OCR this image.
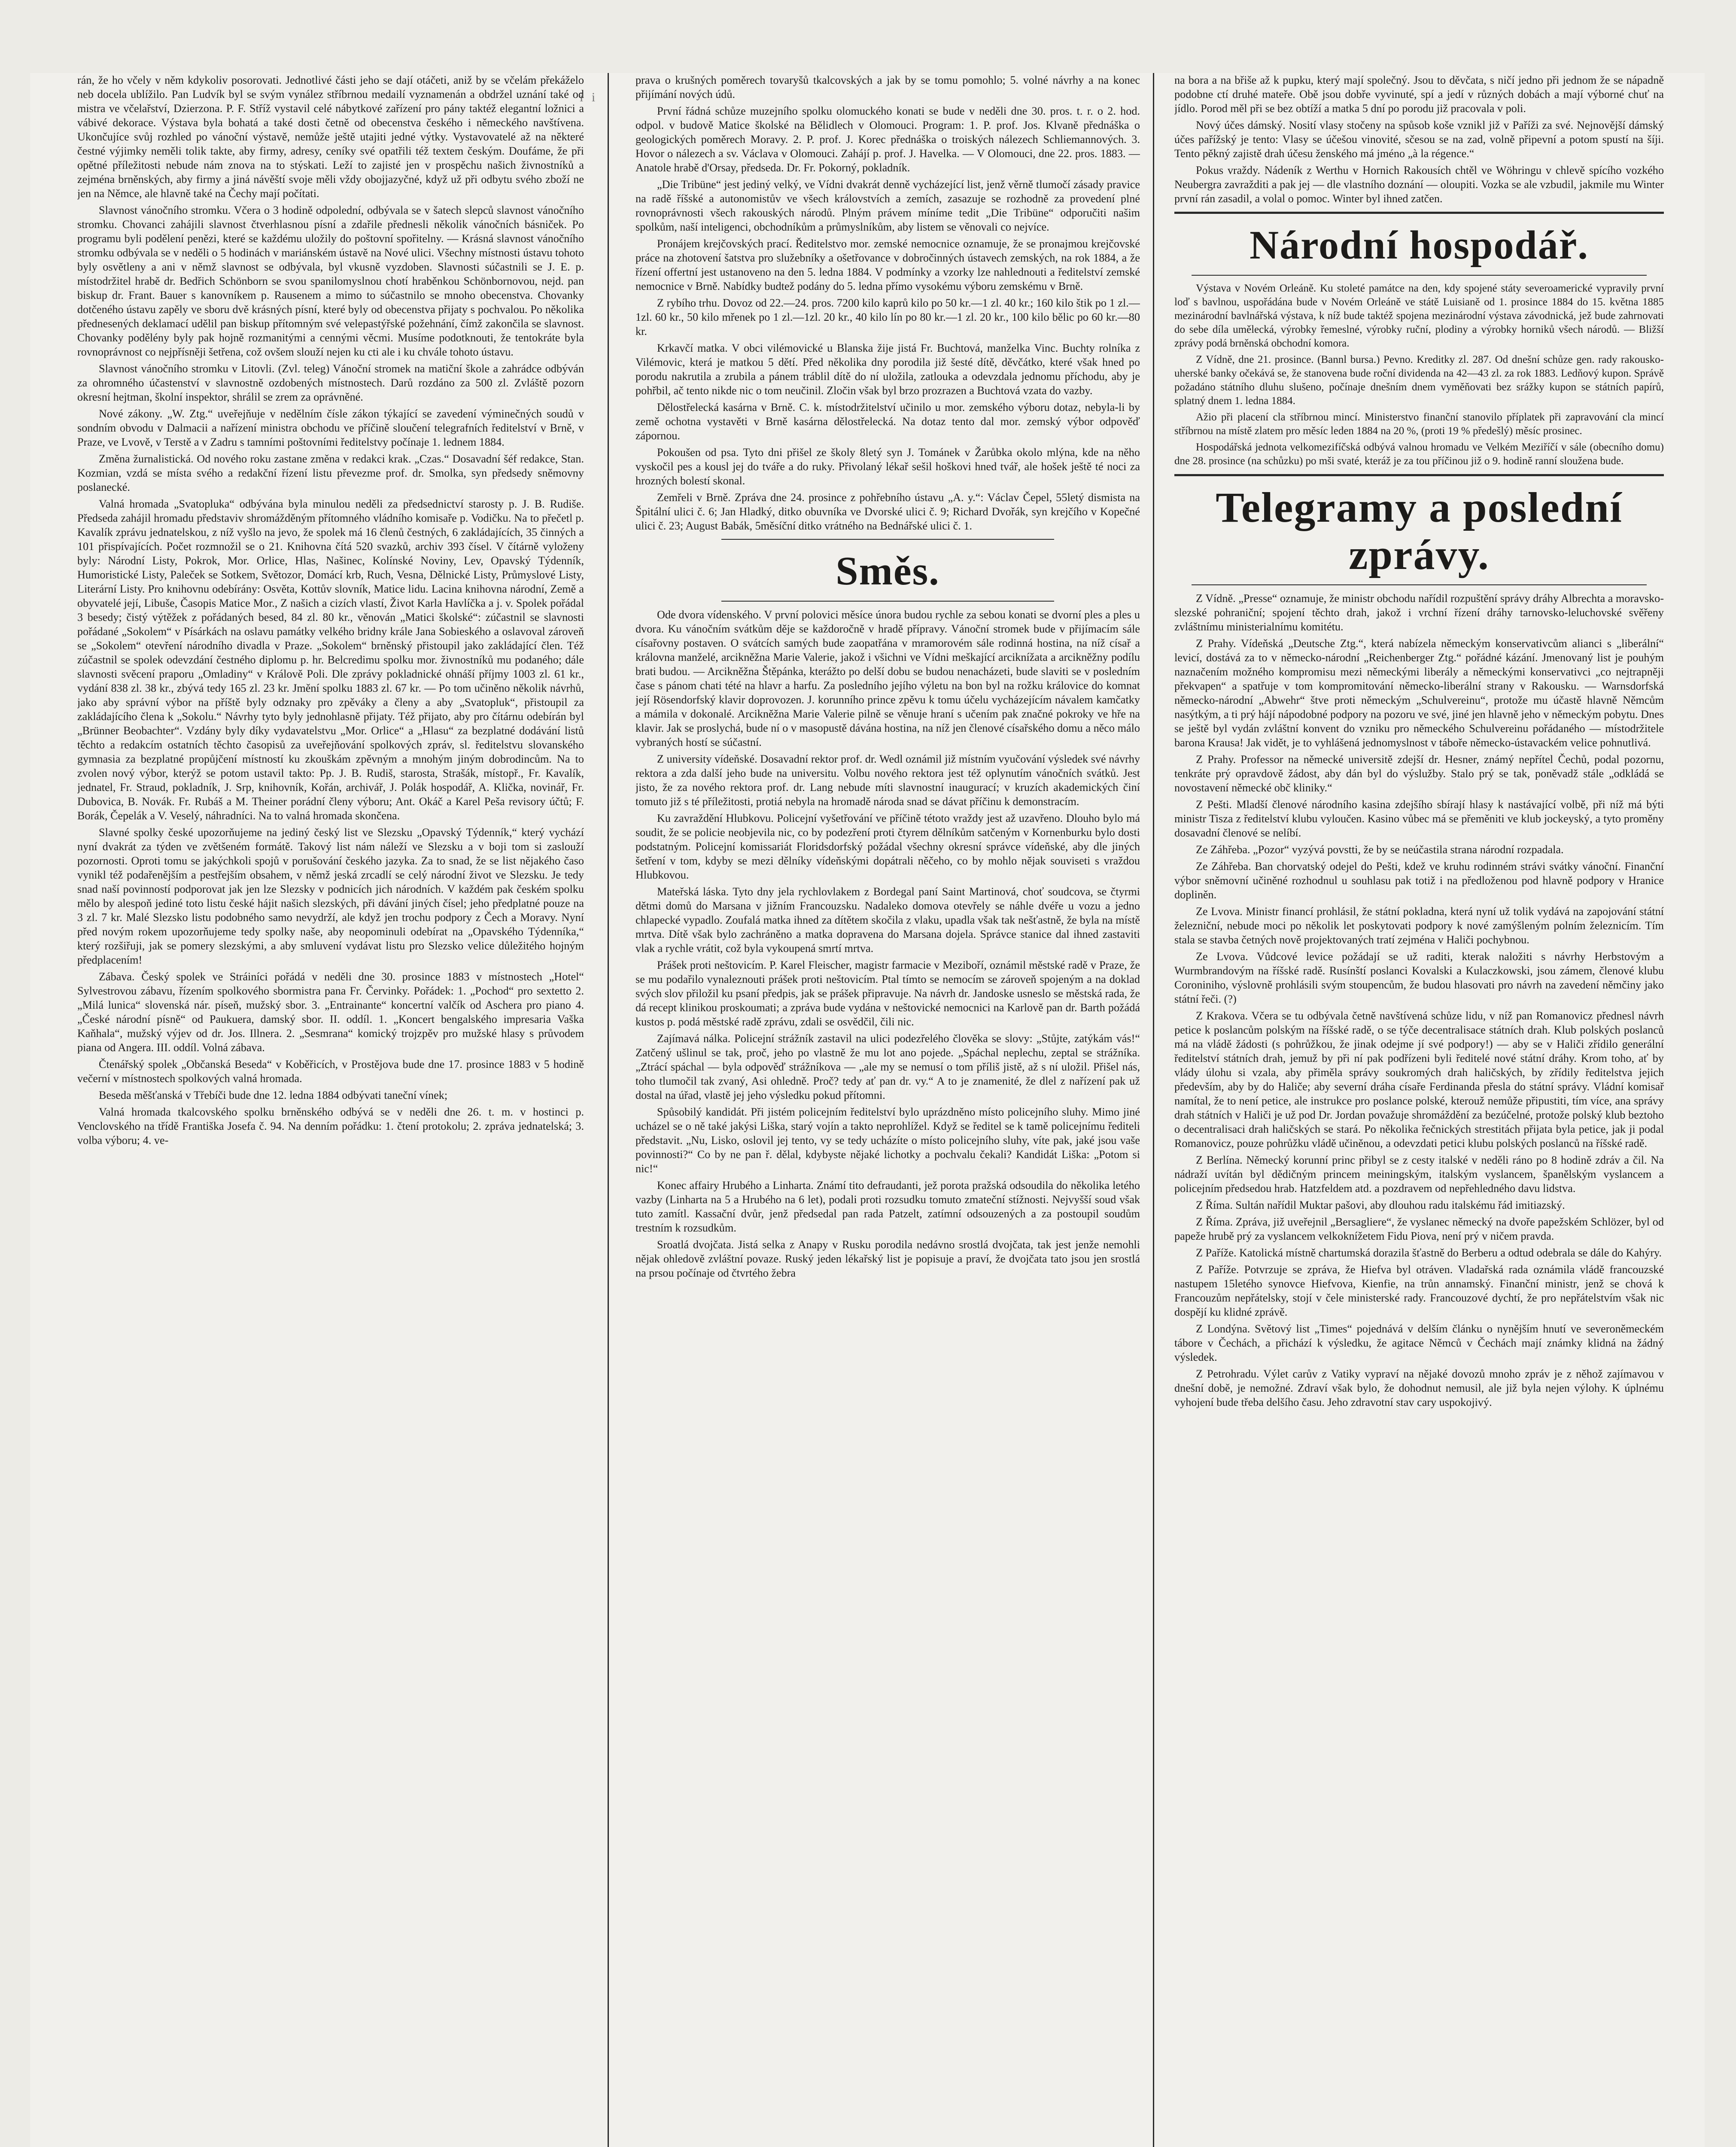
i i

rán, že ho včely v něm kdykoliv posorovati. Jednotlivé části jeho se dají otáčeti, aniž by se včelám překáželo neb docela ublížilo. Pan Ludvík byl se svým vynález stříbrnou medailí vyznamenán a obdržel uznání také od mistra ve včelařství, Dzierzona. P. F. Stříž vystavil celé nábytkové zařízení pro pány taktéž elegantní ložnici a vábivé dekorace. Výstava byla bohatá a také dosti četně od obecenstva českého i německého navštívena. Ukončujíce svůj rozhled po vánoční výstavě, nemůže ještě utajiti jedné výtky. Vystavovatelé až na některé čestné výjimky neměli tolik takte, aby firmy, adresy, ceníky své opatřili též textem českým. Doufáme, že při opětné příležitosti nebude nám znova na to stýskati. Leží to zajisté jen v prospěchu našich živnostníků a zejména brněnských, aby firmy a jiná návěští svoje měli vždy obojjazyčné, když už při odbytu svého zboží ne jen na Němce, ale hlavně také na Čechy mají počítati.

Slavnost vánočního stromku. Včera o 3 hodině odpolední, odbývala se v šatech slepců slavnost vánočního stromku. Chovanci zahájili slavnost čtverhlasnou písní a zdařile přednesli několik vánočních básniček. Po programu byli podělení penězi, které se každému uložily do poštovní spořitelny. — Krásná slavnost vánočního stromku odbývala se v neděli o 5 hodinách v mariánském ústavě na Nové ulici. Všechny místnosti ústavu tohoto byly osvětleny a ani v němž slavnost se odbývala, byl vkusně vyzdoben. Slavnosti súčastnili se J. E. p. místodržitel hrabě dr. Bedřich Schönborn se svou spanilomyslnou chotí hraběnkou Schönbornovou, nejd. pan biskup dr. Frant. Bauer s kanovníkem p. Rausenem a mimo to súčastnilo se mnoho obecenstva. Chovanky dotčeného ústavu zapěly ve sboru dvě krásných písní, které byly od obecenstva přijaty s pochvalou. Po několika přednesených deklamací udělil pan biskup přítomným své velepastýřské požehnání, čímž zakončila se slavnost. Chovanky podělény byly pak hojně rozmanitými a cennými věcmi. Musíme podotknouti, že tentokráte byla rovnoprávnost co nejpřísněji šetřena, což ovšem slouží nejen ku cti ale i ku chvále tohoto ústavu.

Slavnost vánočního stromku v Litovli. (Zvl. teleg) Vánoční stromek na matiční škole a zahrádce odbýván za ohromného účastenství v slavnostně ozdobených místnostech. Darů rozdáno za 500 zl. Zvláště pozorn okresní hejtman, školní inspektor, shrálil se zrem za oprávněné.

Nové zákony. „W. Ztg.“ uveřejňuje v nedělním čísle zákon týkající se zavedení výminečných soudů v sondním obvodu v Dalmacii a nařízení ministra obchodu ve příčině sloučení telegrafních ředitelství v Brně, v Praze, ve Lvově, v Terstě a v Zadru s tamními poštovními ředitelstvy počínaje 1. lednem 1884.

Změna žurnalistická. Od nového roku zastane změna v redakci krak. „Czas.“ Dosavadní šéf redakce, Stan. Kozmian, vzdá se místa svého a redakční řízení listu převezme prof. dr. Smolka, syn předsedy sněmovny poslanecké.

Valná hromada „Svatopluka“ odbývána byla minulou neděli za předsednictví starosty p. J. B. Rudiše. Předseda zahájil hromadu představiv shromážděným přítomného vládního komisaře p. Vodičku. Na to přečetl p. Kavalík zprávu jednatelskou, z níž vyšlo na jevo, že spolek má 16 členů čestných, 6 zakládajících, 35 činných a 101 přispívajících. Počet rozmnožil se o 21. Knihovna čítá 520 svazků, archiv 393 čísel. V čítárně vyloženy byly: Národní Listy, Pokrok, Mor. Orlice, Hlas, Našinec, Kolínské Noviny, Lev, Opavský Týdenník, Humoristické Listy, Paleček se Sotkem, Světozor, Domácí krb, Ruch, Vesna, Dělnické Listy, Průmyslové Listy, Literární Listy. Pro knihovnu odebírány: Osvěta, Kottův slovník, Matice lidu. Lacina knihovna národní, Země a obyvatelé její, Libuše, Časopis Matice Mor., Z našich a cizích vlastí, Život Karla Havlíčka a j. v. Spolek pořádal 3 besedy; čistý výtěžek z pořádaných besed, 84 zl. 80 kr., věnován „Matici školské“: zúčastnil se slavnosti pořádané „Sokolem“ v Písárkách na oslavu památky velkého bridny krále Jana Sobieského a oslavoval zároveň se „Sokolem“ otevření národního divadla v Praze. „Sokolem“ brněnský přistoupil jako zakládající člen. Též zúčastnil se spolek odevzdání čestného diplomu p. hr. Belcredimu spolku mor. živnostníků mu podaného; dále slavnosti svěcení praporu „Omladiny“ v Králově Poli. Dle zprávy pokladnické ohnáší příjmy 1003 zl. 61 kr., vydání 838 zl. 38 kr., zbývá tedy 165 zl. 23 kr. Jmění spolku 1883 zl. 67 kr. — Po tom učiněno několik návrhů, jako aby správní výbor na příště byly odznaky pro zpěváky a členy a aby „Svatopluk“, přistoupil za zakládajícího člena k „Sokolu.“ Návrhy tyto byly jednohlasně přijaty. Též přijato, aby pro čítárnu odebírán byl „Brünner Beobachter“. Vzdány byly díky vydavatelstvu „Mor. Orlice“ a „Hlasu“ za bezplatné dodávání listů těchto a redakcím ostatních těchto časopisů za uveřejňování spolkových zpráv, sl. ředitelstvu slovanského gymnasia za bezplatné propůjčení místností ku zkouškám zpěvným a mnohým jiným dobrodincům. Na to zvolen nový výbor, kterýž se potom ustavil takto: Pp. J. B. Rudiš, starosta, Strašák, místopř., Fr. Kavalík, jednatel, Fr. Straud, pokladník, J. Srp, knihovník, Kořán, archivář, J. Polák hospodář, A. Klička, novinář, Fr. Dubovica, B. Novák. Fr. Rubáš a M. Theiner porádní členy výboru; Ant. Okáč a Karel Peša revisory účtů; F. Borák, Čepelák a V. Veselý, náhradníci. Na to valná hromada skončena.

Slavné spolky české upozorňujeme na jediný český list ve Slezsku „Opavský Týdenník,“ který vychází nyní dvakrát za týden ve zvětšeném formátě. Takový list nám náleží ve Slezsku a v boji tom si zaslouží pozornosti. Oproti tomu se jakýchkoli spojů v porušování českého jazyka. Za to snad, že se list nějakého časo vynikl též podařenějším a pestřejším obsahem, v němž jeská zrcadlí se celý národní život ve Slezsku. Je tedy snad naší povinností podporovat jak jen lze Slezsky v podnicích jich národních. V každém pak českém spolku mělo by alespoň jediné toto listu české hájit našich slezských, při dávání jiných čísel; jeho předplatné pouze na 3 zl. 7 kr. Malé Slezsko listu podobného samo nevydrží, ale když jen trochu podpory z Čech a Moravy. Nyní před novým rokem upozorňujeme tedy spolky naše, aby neopominuli odebírat na „Opavského Týdenníka,“ který rozšiřuji, jak se pomery slezskými, a aby smluvení vydávat listu pro Slezsko velice důležitého hojným předplacením!

Zábava. Český spolek ve Stráiníci pořádá v neděli dne 30. prosince 1883 v místnostech „Hotel“ Sylvestrovou zábavu, řízením spolkového sbormistra pana Fr. Červinky. Pořádek: 1. „Pochod“ pro sextetto 2. „Milá lunica“ slovenská nár. píseň, mužský sbor. 3. „Entrainante“ koncertní valčík od Aschera pro piano 4. „České národní písně“ od Paukuera, damský sbor. II. oddíl. 1. „Koncert bengalského impresaria Vaška Kaňhala“, mužský výjev od dr. Jos. Illnera. 2. „Sesmrana“ komický trojzpěv pro mužské hlasy s průvodem piana od Angera. III. oddíl. Volná zábava.

Čtenářský spolek „Občanská Beseda“ v Koběřicích, v Prostějova bude dne 17. prosince 1883 v 5 hodině večerní v místnostech spolkových valná hromada.

Beseda měšťanská v Třebíči bude dne 12. ledna 1884 odbývati taneční vínek;

Valná hromada tkalcovského spolku brněnského odbývá se v neděli dne 26. t. m. v hostinci p. Venclovského na třídě Františka Josefa č. 94. Na denním pořádku: 1. čtení protokolu; 2. zpráva jednatelská; 3. volba výboru; 4. ve-

prava o krušných poměrech tovaryšů tkalcovských a jak by se tomu pomohlo; 5. volné návrhy a na konec přijímání nových údů.

První řádná schůze muzejního spolku olomuckého konati se bude v neděli dne 30. pros. t. r. o 2. hod. odpol. v budově Matice školské na Bělidlech v Olomouci. Program: 1. P. prof. Jos. Klvaně přednáška o geologických poměrech Moravy. 2. P. prof. J. Korec přednáška o troiských nálezech Schliemannových. 3. Hovor o nálezech a sv. Václava v Olomouci. Zahájí p. prof. J. Havelka. — V Olomouci, dne 22. pros. 1883. — Anatole hrabě d'Orsay, předseda. Dr. Fr. Pokorný, pokladník.

„Die Tribüne“ jest jediný velký, ve Vídni dvakrát denně vycházející list, jenž věrně tlumočí zásady pravice na radě říšské a autonomistův ve všech královstvích a zemích, zasazuje se rozhodně za provedení plné rovnoprávnosti všech rakouských národů. Plným právem míníme tedit „Die Tribüne“ odporučiti našim spolkům, naší inteligenci, obchodníkům a průmyslníkům, aby listem se věnovali co nejvíce.

Pronájem krejčovských prací. Ředitelstvo mor. zemské nemocnice oznamuje, že se pronajmou krejčovské práce na zhotovení šatstva pro služebníky a ošetřovance v dobročinných ústavech zemských, na rok 1884, a že řízení offertní jest ustanoveno na den 5. ledna 1884. V podmínky a vzorky lze nahlednouti a ředitelství zemské nemocnice v Brně. Nabídky budtež podány do 5. ledna přímo vysokému výboru zemskému v Brně.

Z rybího trhu. Dovoz od 22.—24. pros. 7200 kilo kaprů kilo po 50 kr.—1 zl. 40 kr.; 160 kilo štik po 1 zl.—1zl. 60 kr., 50 kilo mřenek po 1 zl.—1zl. 20 kr., 40 kilo lín po 80 kr.—1 zl. 20 kr., 100 kilo bělic po 60 kr.—80 kr.

Krkavčí matka. V obci vilémovické u Blanska žije jistá Fr. Buchtová, manželka Vinc. Buchty rolníka z Vilémovic, která je matkou 5 dětí. Před několika dny porodila již šesté dítě, děvčátko, které však hned po porodu nakrutila a zrubila a pánem tráblil dítě do ní uložila, zatlouka a odevzdala jednomu příchodu, aby je pohřbil, ač tento nikde nic o tom neučinil. Zločin však byl brzo prozrazen a Buchtová vzata do vazby.

Dělostřelecká kasárna v Brně. C. k. místodržitelství učinilo u mor. zemského výboru dotaz, nebyla-li by země ochotna vystavěti v Brně kasárna dělostřelecká. Na dotaz tento dal mor. zemský výbor odpověď zápornou.

Pokoušen od psa. Tyto dni přišel ze školy 8letý syn J. Tománek v Žarůbka okolo mlýna, kde na něho vyskočil pes a kousl jej do tváře a do ruky. Přivolaný lékař sešil hoškovi hned tvář, ale hošek ještě té noci za hrozných bolestí skonal.

Zemřeli v Brně. Zpráva dne 24. prosince z pohřebního ústavu „A. y.“: Václav Čepel, 55letý dismista na Špitální ulici č. 6; Jan Hladký, ditko obuvníka ve Dvorské ulici č. 9; Richard Dvořák, syn krejčího v Kopečné ulici č. 23; August Babák, 5měsíční ditko vrátného na Bednářské ulici č. 1.

Směs.

Ode dvora vídenského. V první polovici měsíce února budou rychle za sebou konati se dvorní ples a ples u dvora. Ku vánočním svátkům děje se každoročně v hradě přípravy. Vánoční stromek bude v přijímacím sále císařovny postaven. O svátcích samých bude zaopatřána v mramorovém sále rodinná hostina, na níž císař a královna manželé, arcikněžna Marie Valerie, jakož i všichni ve Vídni meškající arciknížata a arcikněžny podílu brati budou. — Arcikněžna Štěpánka, kterážto po delší dobu se budou nenacházeti, bude slaviti se v posledním čase s pánom chati tété na hlavr a harfu. Za posledního jejího výletu na bon byl na rožku královice do komnat její Rösendorfský klavir doprovozen. J. korunního prince zpěvu k tomu účelu vycházejícím návalem kamčatky a mámila v dokonalé. Arcikněžna Marie Valerie pilně se věnuje hraní s učením pak značné pokroky ve hře na klavir. Jak se proslychá, bude ní o v masopustě dávána hostina, na níž jen členové císařského domu a něco málo vybraných hostí se súčastní.

Z university vídeňské. Dosavadní rektor prof. dr. Wedl oznámil již místním vyučování výsledek své návrhy rektora a zda další jeho bude na universitu. Volbu nového rektora jest též oplynutím vánočních svátků. Jest jisto, že za nového rektora prof. dr. Lang nebude míti slavnostní inaugurací; v kruzích akademických činí tomuto již s té příležitosti, protiá nebyla na hromadě národa snad se dávat příčinu k demonstracím.

Ku zavraždění Hlubkovu. Policejní vyšetřování ve příčině tétoto vraždy jest až uzavřeno. Dlouho bylo má soudit, že se policie neobjevila nic, co by podezření proti čtyrem dělníkům satčeným v Kornenburku bylo dosti podstatným. Policejní komissariát Floridsdorfský požádal všechny okresní správce vídeňské, aby dle jiných šetření v tom, kdyby se mezi dělníky vídeňskými dopátrali něčeho, co by mohlo nějak souviseti s vraždou Hlubkovou.

Mateřská láska. Tyto dny jela rychlovlakem z Bordegal paní Saint Martinová, choť soudcova, se čtyrmi dětmi domů do Marsana v jižním Francouzsku. Nadaleko domova otevřely se náhle dvéře u vozu a jedno chlapecké vypadlo. Zoufalá matka ihned za dítětem skočila z vlaku, upadla však tak nešťastně, že byla na místě mrtva. Dítě však bylo zachráněno a matka dopravena do Marsana dojela. Správce stanice dal ihned zastaviti vlak a rychle vrátit, což byla vykoupená smrtí mrtva.

Prášek proti neštovicím. P. Karel Fleischer, magistr farmacie v Meziboří, oznámil městské radě v Praze, že se mu podařilo vynaleznouti prášek proti neštovicím. Ptal tímto se nemocím se zároveň spojeným a na doklad svých slov přiložil ku psaní předpis, jak se prášek připravuje. Na návrh dr. Jandoske usneslo se městská rada, že dá recept klinikou proskoumati; a zpráva bude vydána v neštovické nemocnici na Karlově pan dr. Barth požádá kustos p. podá městské radě zprávu, zdali se osvědčil, čili nic.

Zajímavá nálka. Policejní strážník zastavil na ulici podezřelého člověka se slovy: „Stůjte, zatýkám vás!“ Zatčený ušlinul se tak, proč, jeho po vlastně že mu lot ano pojede. „Spáchal neplechu, zeptal se strážníka. „Ztrácí spáchal — byla odpověď strážníkova — „ale my se nemusí o tom příliš jistě, až s ní uložil. Přišel nás, toho tlumočil tak zvaný, Asi ohledně. Proč? tedy ať pan dr. vy.“ A to je znamenité, že dlel z nařízení pak už dostal na úřad, vlastě jej jeho výsledku pokud přítomni.

Spůsobilý kandidát. Při jistém policejním ředitelství bylo uprázdněno místo policejního sluhy. Mimo jiné ucházel se o ně také jakýsi Liška, starý vojín a takto neprohlížel. Když se ředitel se k tamě policejnímu řediteli představit. „Nu, Lisko, oslovil jej tento, vy se tedy ucházíte o místo policejního sluhy, víte pak, jaké jsou vaše povinnosti?“ Co by ne pan ř. dělal, kdybyste nějaké lichotky a pochvalu čekali? Kandidát Liška: „Potom si nic!“

Konec affairy Hrubého a Linharta. Známí tito defraudanti, jež porota pražská odsoudila do několika letého vazby (Linharta na 5 a Hrubého na 6 let), podali proti rozsudku tomuto zmateční stížnosti. Nejvyšší soud však tuto zamítl. Kassační dvůr, jenž předsedal pan rada Patzelt, zatímní odsouzených a za postoupil soudům trestním k rozsudkům.

Sroatlá dvojčata. Jistá selka z Anapy v Rusku porodila nedávno srostlá dvojčata, tak jest jenže nemohli nějak ohledově zvláštní povaze. Ruský jeden lékařský list je popisuje a praví, že dvojčata tato jsou jen srostlá na prsou počínaje od čtvrtého žebra

na bora a na břiše až k pupku, který mají společný. Jsou to děvčata, s ničí jedno při jednom že se nápadně podobne ctí druhé mateře. Obě jsou dobře vyvinuté, spí a jedí v různých dobách a mají výborné chuť na jídlo. Porod měl při se bez obtíží a matka 5 dní po porodu již pracovala v poli.

Nový účes dámský. Nosití vlasy stočeny na spůsob koše vznikl již v Paříži za své. Nejnovější dámský účes pařížský je tento: Vlasy se účešou vinovité, sčesou se na zad, volně připevní a potom spustí na šíji. Tento pěkný zajistě drah účesu ženského má jméno „à la régence.“

Pokus vraždy. Nádeník z Werthu v Hornich Rakousích chtěl ve Wöhringu v chlevě spícího vozkého Neubergra zavražditi a pak jej — dle vlastního doznání — oloupiti. Vozka se ale vzbudil, jakmile mu Winter první rán zasadil, a volal o pomoc. Winter byl ihned zatčen.

Národní hospodář.

Výstava v Novém Orleáně. Ku stoleté památce na den, kdy spojené státy severoamerické vypravily první loď s bavlnou, uspořádána bude v Novém Orleáně ve státě Luisianě od 1. prosince 1884 do 15. května 1885 mezinárodní bavlnářská výstava, k níž bude taktéž spojena mezinárodní výstava závodnická, jež bude zahrnovati do sebe díla umělecká, výrobky řemeslné, výrobky ruční, plodiny a výrobky horniků všech národů. — Bližší zprávy podá brněnská obchodní komora.

Z Vídně, dne 21. prosince. (Bannl bursa.) Pevno. Kreditky zl. 287. Od dnešní schůze gen. rady rakousko-uherské banky očekává se, že stanovena bude roční dividenda na 42—43 zl. za rok 1883. Ledňový kupon. Správě požadáno státního dluhu slušeno, počínaje dnešním dnem vyměňovati bez srážky kupon se státních papírů, splatný dnem 1. ledna 1884.

Ažio při placení cla stříbrnou mincí. Ministerstvo finanční stanovilo příplatek při zapravování cla mincí stříbrnou na místě zlatem pro měsíc leden 1884 na 20 %, (proti 19 % předešlý) měsíc prosinec.

Hospodářská jednota velkomezifíčská odbývá valnou hromadu ve Velkém Meziříčí v sále (obecního domu) dne 28. prosince (na schůzku) po mši svaté, kteráž je za tou příčinou již o 9. hodině ranní sloužena bude.

Telegramy a poslední zprávy.

Z Vídně. „Presse“ oznamuje, že ministr obchodu nařídil rozpuštění správy dráhy Albrechta a moravsko-slezské pohraniční; spojení těchto drah, jakož i vrchní řízení dráhy tarnovsko-leluchovské svěřeny zvláštnímu ministerialnímu komitétu.

Z Prahy. Vídeňská „Deutsche Ztg.“, která nabízela německým konservativcům alianci s „liberální“ levicí, dostává za to v německo-národní „Reichenberger Ztg.“ pořádné kázání. Jmenovaný list je pouhým naznačením možného kompromisu mezi německými liberály a německými konservativci „co nejtrapněji překvapen“ a spatřuje v tom kompromitování německo-liberální strany v Rakousku. — Warnsdorfská německo-národní „Abwehr“ štve proti německým „Schulvereinu“, protože mu účastě hlavně Němcům nasýtkým, a ti prý hájí nápodobné podpory na pozoru ve své, jiné jen hlavně jeho v německým pobytu. Dnes se ještě byl vydán zvláštní konvent do vzniku pro německého Schulvereinu pořádaného — místodržitele barona Krausa! Jak vidět, je to vyhlášená jednomyslnost v táboře německo-ústavackém velice pohnutlivá.

Z Prahy. Professor na německé universitě zdejší dr. Hesner, známý nepřítel Čechů, podal pozornu, tenkráte prý opravdově žádost, aby dán byl do výslužby. Stalo prý se tak, poněvadž stále „odkládá se novostavení německé obč kliniky.“

Z Pešti. Mladší členové národního kasina zdejšího sbírají hlasy k nastávající volbě, při níž má býti ministr Tisza z ředitelství klubu vyloučen. Kasino vůbec má se přeměniti ve klub jockeyský, a tyto proměny dosavadní členové se nelíbí.

Ze Záhřeba. „Pozor“ vyzývá povstti, že by se neúčastila strana národní rozpadala.

Ze Záhřeba. Ban chorvatský odejel do Pešti, kdež ve kruhu rodinném strávi svátky vánoční. Finanční výbor sněmovní učiněné rozhodnul u souhlasu pak totiž i na předloženou pod hlavně podpory v Hranice dopliněn.

Ze Lvova. Ministr financí prohlásil, že státní pokladna, která nyní už tolik vydává na zapojování státní železniční, nebude moci po několik let poskytovati podpory k nové zamýšleným polním železnicím. Tím stala se stavba četných nově projektovaných tratí zejména v Haliči pochybnou.

Ze Lvova. Vůdcové levice požádají se už raditi, kterak naložiti s návrhy Herbstovým a Wurmbrandovým na říšské radě. Rusínští poslanci Kovalski a Kulaczkowski, jsou zámem, členové klubu Coroniniho, výslovně prohlásili svým stoupencům, že budou hlasovati pro návrh na zavedení němčiny jako státní řeči. (?)

Z Krakova. Včera se tu odbývala četně navštívená schůze lidu, v níž pan Romanovicz přednesl návrh petice k poslancům polským na říšské radě, o se týče decentralisace státních drah. Klub polských poslanců má na vládě žádosti (s pohrůžkou, že jinak odejme jí své podpory!) — aby se v Haliči zřídilo generální ředitelství státních drah, jemuž by při ní pak podřízeni byli ředitelé nové státní dráhy. Krom toho, ať by vlády úlohu si vzala, aby přiměla správy soukromých drah haličských, by zřídily ředitelstva jejich především, aby by do Haliče; aby severní dráha císaře Ferdinanda přesla do státní správy. Vládní komisař namítal, že to není petice, ale instrukce pro poslance polské, kterouž nemůže připustiti, tím více, ana správy drah státních v Haliči je už pod Dr. Jordan považuje shromáždění za bezúčelné, protože polský klub beztoho o decentralisaci drah haličských se stará. Po několika řečnických strestitách přijata byla petice, jak ji podal Romanovicz, pouze pohrůžku vládě učiněnou, a odevzdati petici klubu polských poslanců na říšské radě.

Z Berlína. Německý korunní princ přibyl se z cesty italské v neděli ráno po 8 hodině zdráv a čil. Na nádraží uvítán byl dědičným princem meiningským, italským vyslancem, španělským vyslancem a policejním předsedou hrab. Hatzfeldem atd. a pozdravem od nepřehledného davu lidstva.

Z Říma. Sultán nařídil Muktar pašovi, aby dlouhou radu italskému řád imitiazský.

Z Říma. Zpráva, již uveřejnil „Bersagliere“, že vyslanec německý na dvoře papežském Schlözer, byl od papeže hrubě prý za vyslancem velkoknížetem Fidu Piova, není prý v ničem pravda.

Z Paříže. Katolická místně chartumská dorazila šťastně do Berberu a odtud odebrala se dále do Kahýry.

Z Paříže. Potvrzuje se zpráva, že Hiefva byl otráven. Vladařská rada oznámila vládě francouzské nastupem 15letého synovce Hiefvova, Kienfie, na trůn annamský. Finanční ministr, jenž se chová k Francouzům nepřátelsky, stojí v čele ministerské rady. Francouzové dychtí, že pro nepřátelstvím však nic dospějí ku klidné zprávě.

Z Londýna. Světový list „Times“ pojednává v delším článku o nynějším hnutí ve severoněmeckém tábore v Čechách, a přichází k výsledku, že agitace Němců v Čechách mají známky klidná na žádný výsledek.

Z Petrohradu. Výlet carův z Vatiky vypraví na nějaké dovozů mnoho zpráv je z něhož zajímavou v dnešní době, je nemožné. Zdraví však bylo, že dohodnut nemusil, ale již byla nejen výlohy. K úplnému vyhojení bude třeba delšího času. Jeho zdravotní stav cary uspokojivý.
